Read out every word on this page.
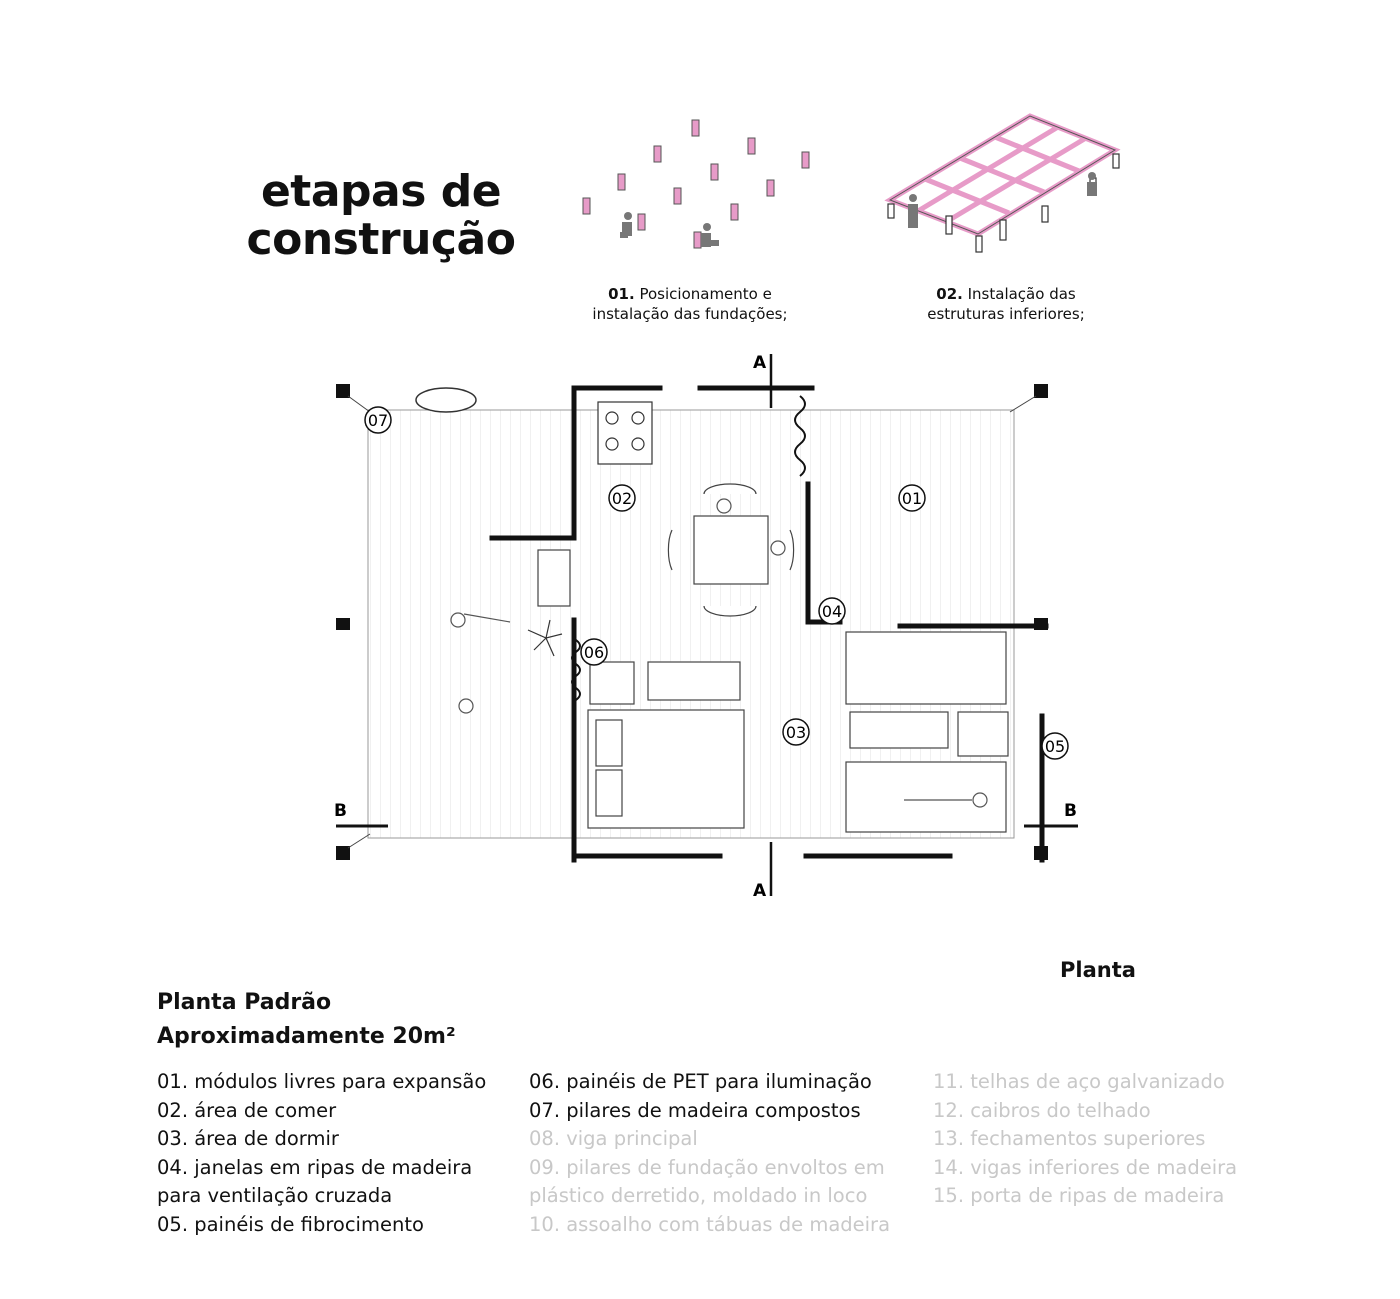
etapas de
construção
01. Posicionamento e
instalação das fundações;
02. Instalação das
estruturas inferiores;
A
A
B	B
01
02
03
04
05
06
07
Planta
Planta Padrão
Aproximadamente 20m²
01. módulos livres para expansão
02. área de comer
03. área de dormir
04. janelas em ripas de madeira
para ventilação cruzada
05. painéis de fibrocimento
06. painéis de PET para iluminação
07. pilares de madeira compostos
08. viga principal
09. pilares de fundação envoltos em
plástico derretido, moldado in loco
10. assoalho com tábuas de madeira
11. telhas de aço galvanizado
12. caibros do telhado
13. fechamentos superiores
14. vigas inferiores de madeira
15. porta de ripas de madeira
